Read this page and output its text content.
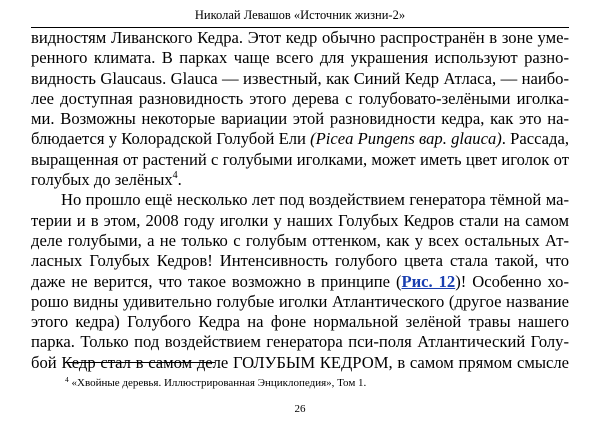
Николай Левашов «Источник жизни-2»
видностям Ливанского Кедра. Этот кедр обычно распространён в зоне уме-
ренного климата. В парках чаще всего для украшения используют разно-
видность Glaucaus. Glauca — известный, как Синий Кедр Атласа, — наибо-
лее доступная разновидность этого дерева с голубовато-зелёными иголка-
ми. Возможны некоторые вариации этой разновидности кедра, как это на-
блюдается у Колорадской Голубой Ели (Picea Pungens вар. glauca). Рассада,
выращенная от растений с голубыми иголками, может иметь цвет иголок от
голубых до зелёных$^4$.
Но прошло ещё несколько лет под воздействием генератора тёмной ма-
терии и в этом, 2008 году иголки у наших Голубых Кедров стали на самом
деле голубыми, а не только с голубым оттенком, как у всех остальных Ат-
ласных Голубых Кедров! Интенсивность голубого цвета стала такой, что
даже не верится, что такое возможно в принципе (Рис. 12)! Особенно хо-
рошо видны удивительно голубые иголки Атлантического (другое название
этого кедра) Голубого Кедра на фоне нормальной зелёной травы нашего
парка. Только под воздействием генератора пси-поля Атлантический Голу-
бой Кедр стал в самом деле ГОЛУБЫМ КЕДРОМ, в самом прямом смысле
$^4$ «Хвойные деревья. Иллюстрированная Энциклопедия», Том 1.
26
